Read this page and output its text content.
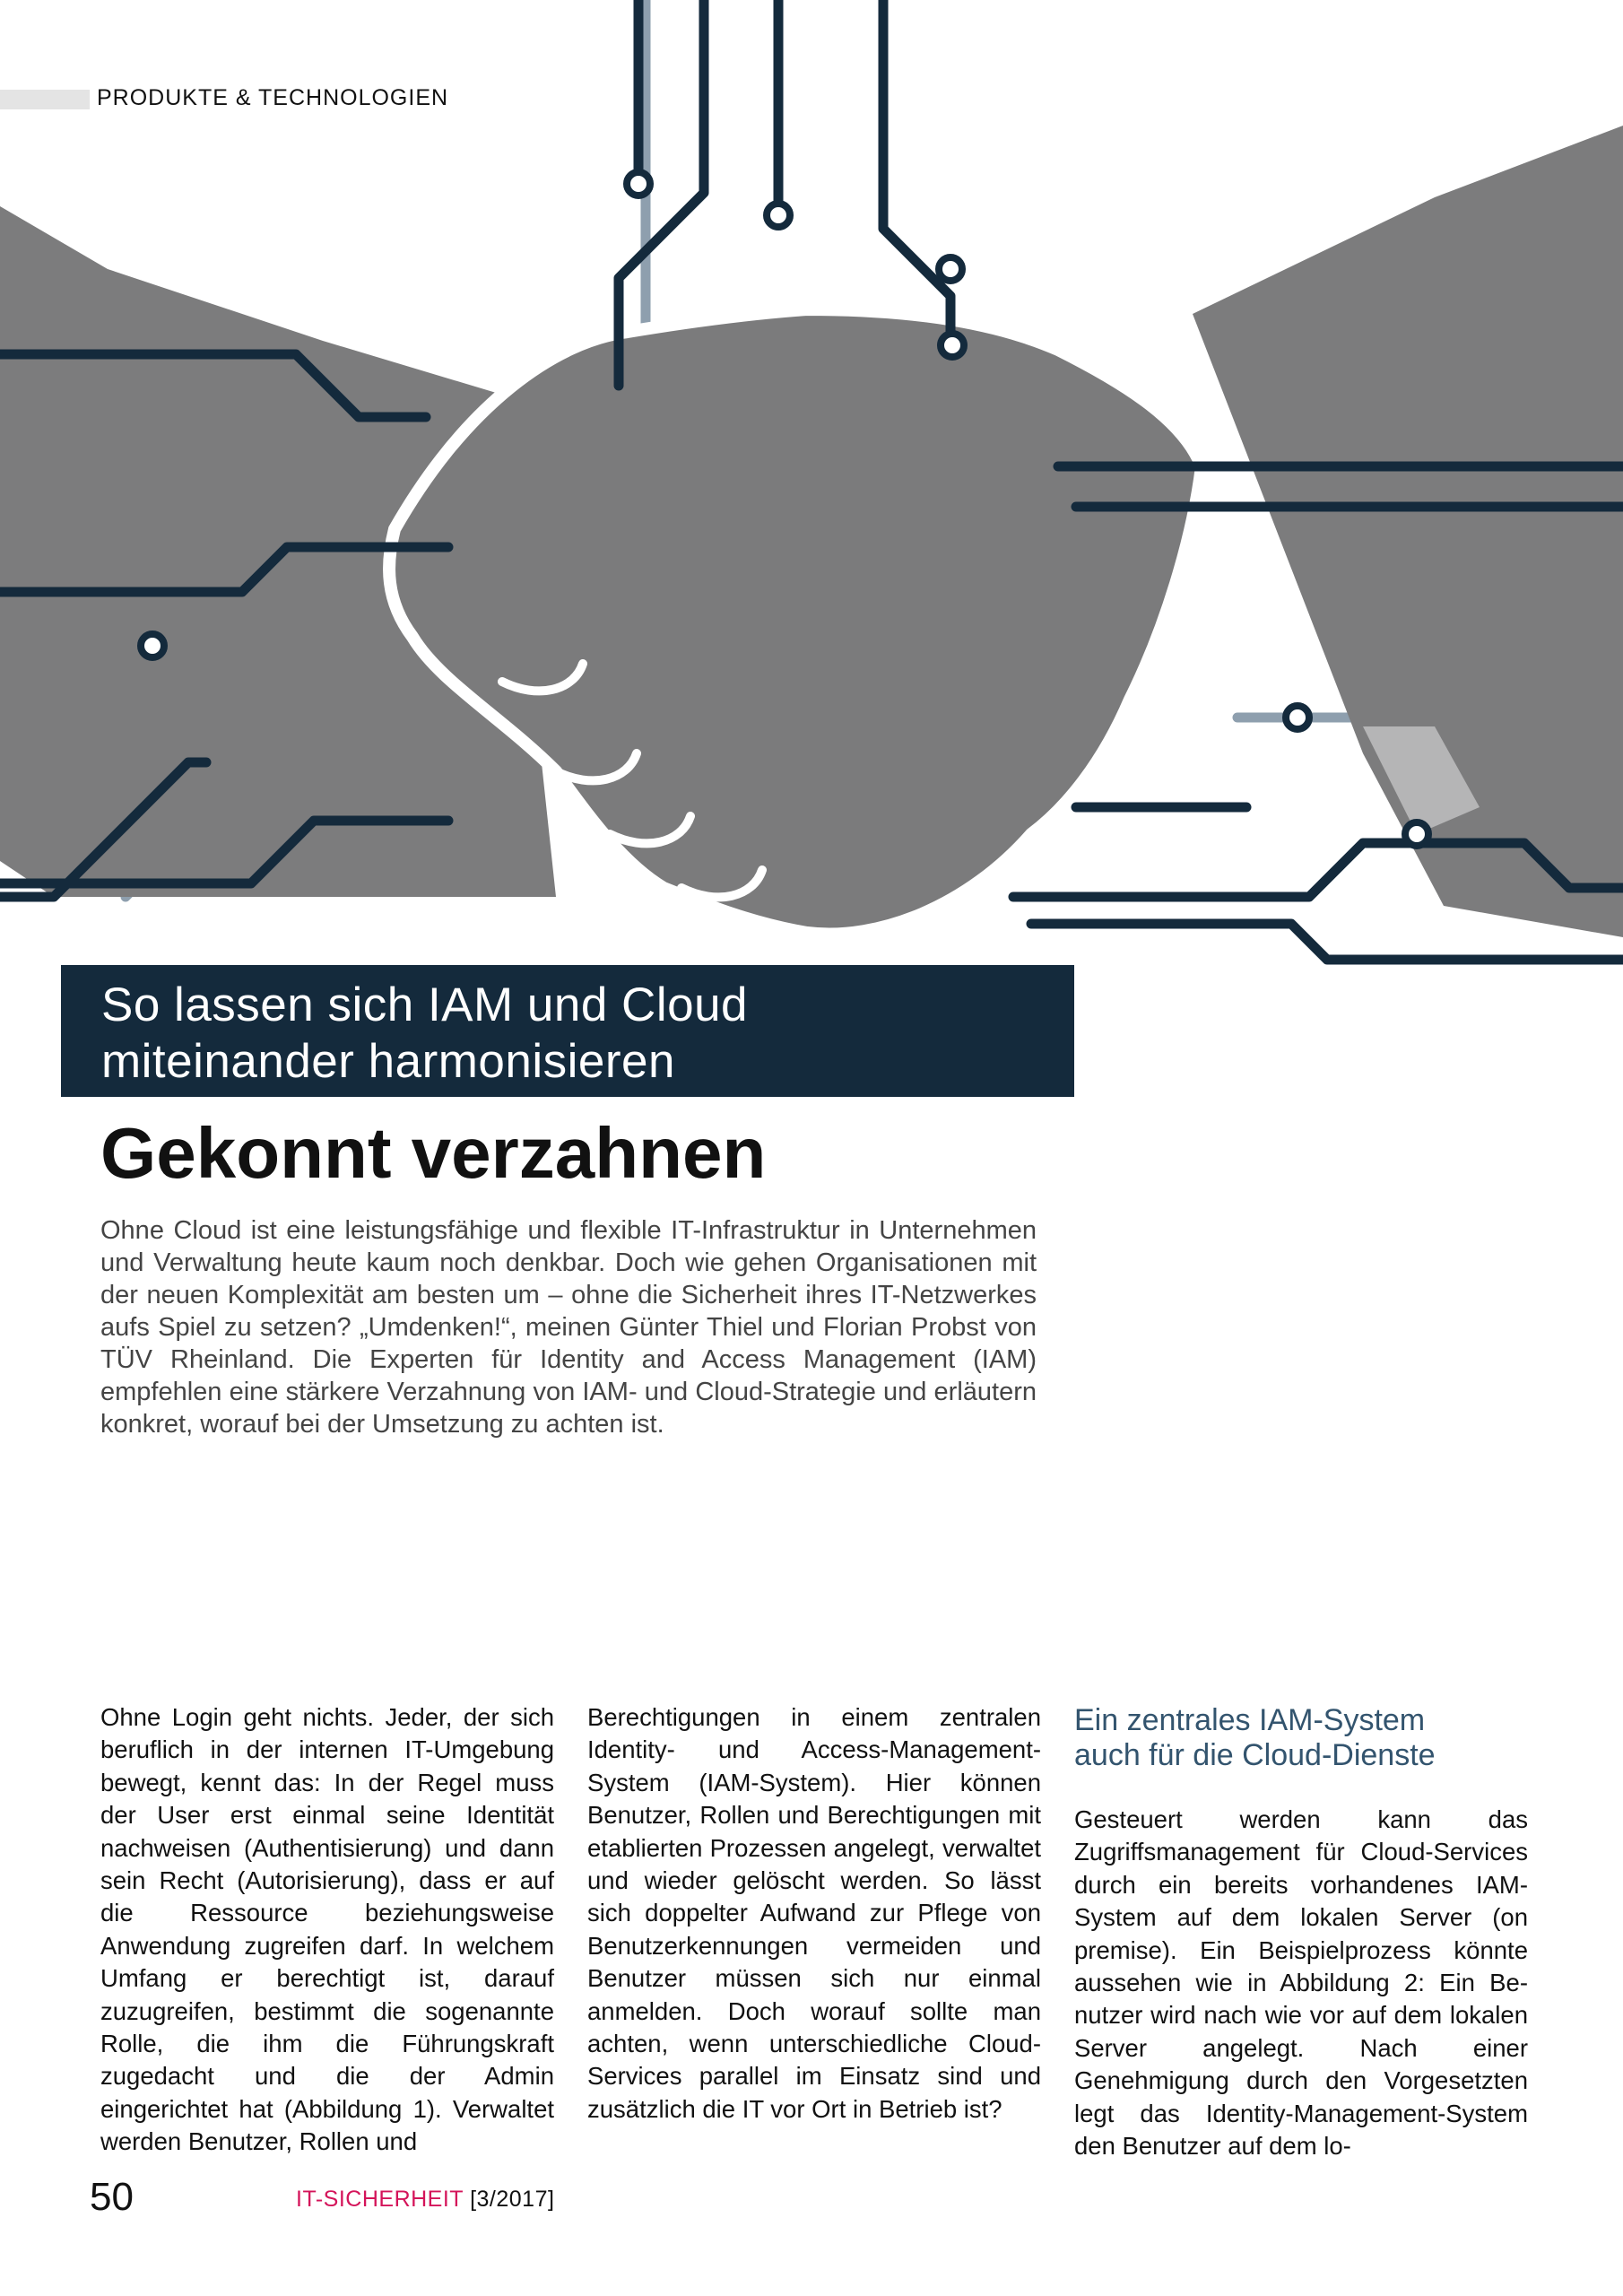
PRODUKTE & TECHNOLOGIEN
So lassen sich IAM und Cloud
miteinander harmonisieren
Gekonnt verzahnen
Ohne Cloud ist eine leistungsfähige und flexible IT-Infrastruktur in Unternehmen und Verwaltung heute kaum noch denkbar. Doch wie gehen Organisationen mit der neuen Komplexität am besten um – ohne die Sicherheit ihres IT-Netzwerkes aufs Spiel zu setzen? „Umdenken!“, meinen Günter Thiel und Florian Probst von TÜV Rheinland. Die Experten für Identity and Access Management (IAM) empfehlen eine stärkere Verzahnung von IAM- und Cloud-Strategie und erläutern konkret, worauf bei der Umsetzung zu achten ist.
Ohne Login geht nichts. Jeder, der sich beruflich in der internen IT-Umgebung bewegt, kennt das: In der Regel muss der User erst einmal seine Identität nachweisen (Authentisierung) und dann sein Recht (Autorisierung), dass er auf die Ressource beziehungsweise Anwendung zugreifen darf. In welchem Umfang er berechtigt ist, darauf zuzugreifen, bestimmt die sogenannte Rolle, die ihm die Führungskraft zugedacht und die der Admin eingerichtet hat (Abbildung 1). Verwaltet werden Benutzer, Rollen und
Berechtigungen in einem zentralen Identity- und Access-Management-System (IAM-System). Hier können Benutzer, Rollen und Berechtigungen mit etablierten Prozessen angelegt, verwaltet und wieder gelöscht werden. So lässt sich doppelter Aufwand zur Pflege von Benutzerkennungen vermeiden und Benutzer müssen sich nur einmal anmelden. Doch worauf sollte man achten, wenn unterschiedliche Cloud-Services parallel im Einsatz sind und zusätzlich die IT vor Ort in Betrieb ist?
Ein zentrales IAM-System
auch für die Cloud-Dienste
Gesteuert werden kann das Zugriffsmanagement für Cloud-Services durch ein bereits vorhandenes IAM-System auf dem lokalen Server (on premise). Ein Beispielprozess könnte aussehen wie in Abbildung 2: Ein Benutzer wird nach wie vor auf dem lokalen Server angelegt. Nach einer Genehmigung durch den Vorgesetzten legt das Identity-Management-System den Benutzer auf dem lo-
50	IT-SICHERHEIT [3/2017]
